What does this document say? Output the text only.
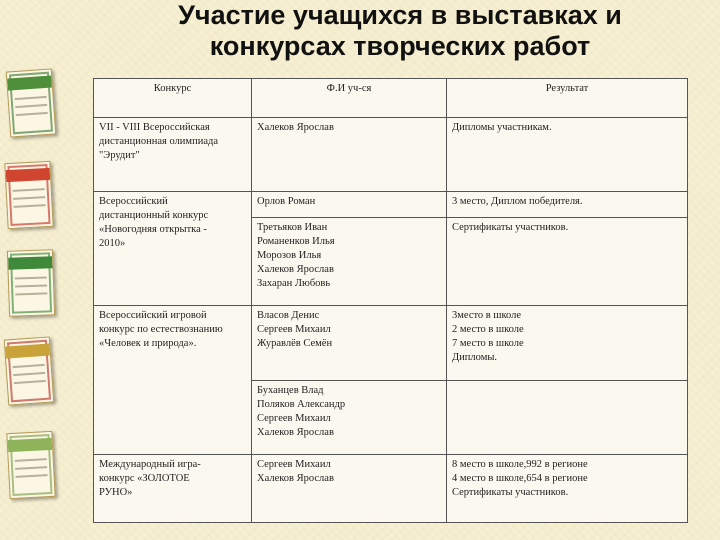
Участие учащихся в выставках и
конкурсах творческих работ
Конкурс	Ф.И уч-ся	Результат

VII - VIII Всероссийская
дистанционная олимпиада
"Эрудит"	Халеков Ярослав	Дипломы участникам.

Всероссийский
дистанционный конкурс
«Новогодняя открытка -
2010»	Орлов Роман	3 место, Диплом победителя.

	Третьяков Иван
Романенков Илья
Морозов Илья
Халеков Ярослав
Захаран Любовь	Сертификаты участников.

Всероссийский игровой
конкурс по естествознанию
«Человек и природа».	Власов Денис
Сергеев Михаил
Журавлёв Семён	3место в школе
2 место в школе
7 место в школе
Дипломы.

	Буханцев Влад
Поляков Александр
Сергеев Михаил
Халеков Ярослав	

Международный игра-
конкурс «ЗОЛОТОЕ
РУНО»	Сергеев Михаил
Халеков Ярослав	8 место в школе,992 в регионе
4 место в школе,654 в регионе
Сертификаты участников.
